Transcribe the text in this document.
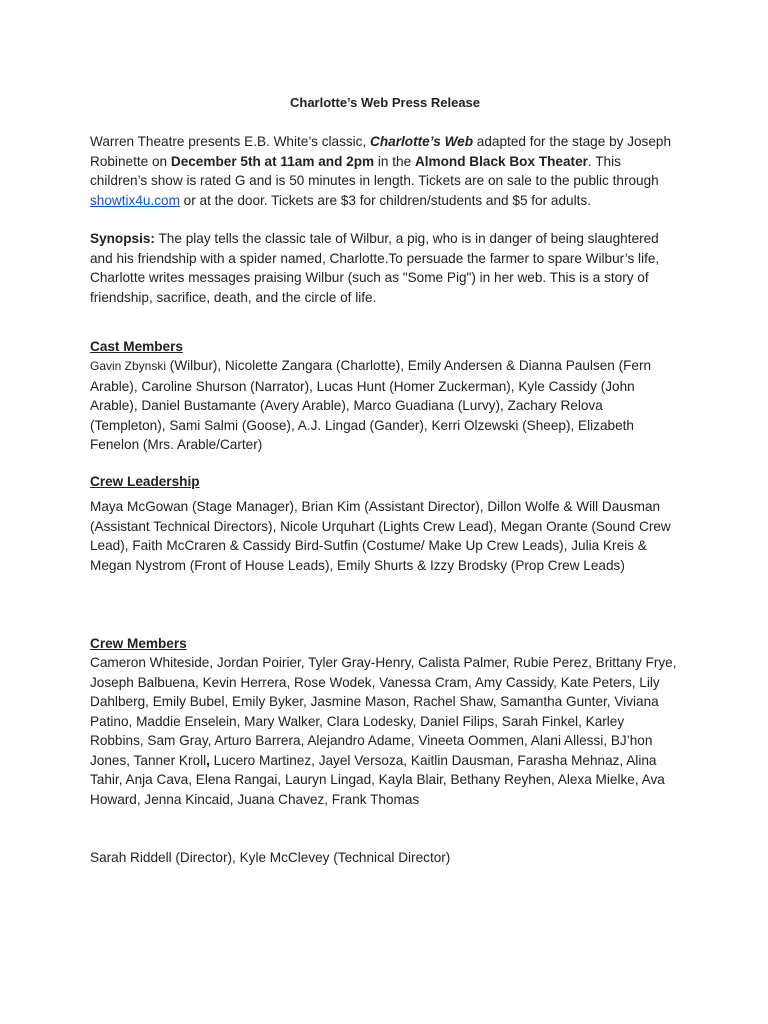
Charlotte’s Web Press Release

Warren Theatre presents E.B. White’s classic, Charlotte’s Web adapted for the stage by Joseph Robinette on December 5th at 11am and 2pm in the Almond Black Box Theater. This children’s show is rated G and is 50 minutes in length. Tickets are on sale to the public through showtix4u.com or at the door. Tickets are $3 for children/students and $5 for adults.

Synopsis: The play tells the classic tale of Wilbur, a pig, who is in danger of being slaughtered and his friendship with a spider named, Charlotte.To persuade the farmer to spare Wilbur’s life, Charlotte writes messages praising Wilbur (such as "Some Pig") in her web. This is a story of friendship, sacrifice, death, and the circle of life.

Cast Members

Gavin Zbynski (Wilbur), Nicolette Zangara (Charlotte), Emily Andersen & Dianna Paulsen (Fern Arable), Caroline Shurson (Narrator), Lucas Hunt (Homer Zuckerman), Kyle Cassidy (John Arable), Daniel Bustamante (Avery Arable), Marco Guadiana (Lurvy), Zachary Relova (Templeton), Sami Salmi (Goose), A.J. Lingad (Gander), Kerri Olzewski (Sheep), Elizabeth Fenelon (Mrs. Arable/Carter)

Crew Leadership

Maya McGowan (Stage Manager), Brian Kim (Assistant Director), Dillon Wolfe & Will Dausman (Assistant Technical Directors), Nicole Urquhart (Lights Crew Lead), Megan Orante (Sound Crew Lead), Faith McCraren & Cassidy Bird-Sutfin (Costume/ Make Up Crew Leads), Julia Kreis & Megan Nystrom (Front of House Leads), Emily Shurts & Izzy Brodsky (Prop Crew Leads)

Crew Members

Cameron Whiteside, Jordan Poirier, Tyler Gray-Henry, Calista Palmer, Rubie Perez, Brittany Frye, Joseph Balbuena, Kevin Herrera, Rose Wodek, Vanessa Cram, Amy Cassidy, Kate Peters, Lily Dahlberg, Emily Bubel, Emily Byker, Jasmine Mason, Rachel Shaw, Samantha Gunter, Viviana Patino, Maddie Enselein, Mary Walker, Clara Lodesky, Daniel Filips, Sarah Finkel, Karley Robbins, Sam Gray, Arturo Barrera, Alejandro Adame, Vineeta Oommen, Alani Allessi, BJ’hon Jones, Tanner Kroll, Lucero Martinez, Jayel Versoza, Kaitlin Dausman, Farasha Mehnaz, Alina Tahir, Anja Cava, Elena Rangai, Lauryn Lingad, Kayla Blair, Bethany Reyhen, Alexa Mielke, Ava Howard, Jenna Kincaid, Juana Chavez, Frank Thomas

Sarah Riddell (Director), Kyle McClevey (Technical Director)
